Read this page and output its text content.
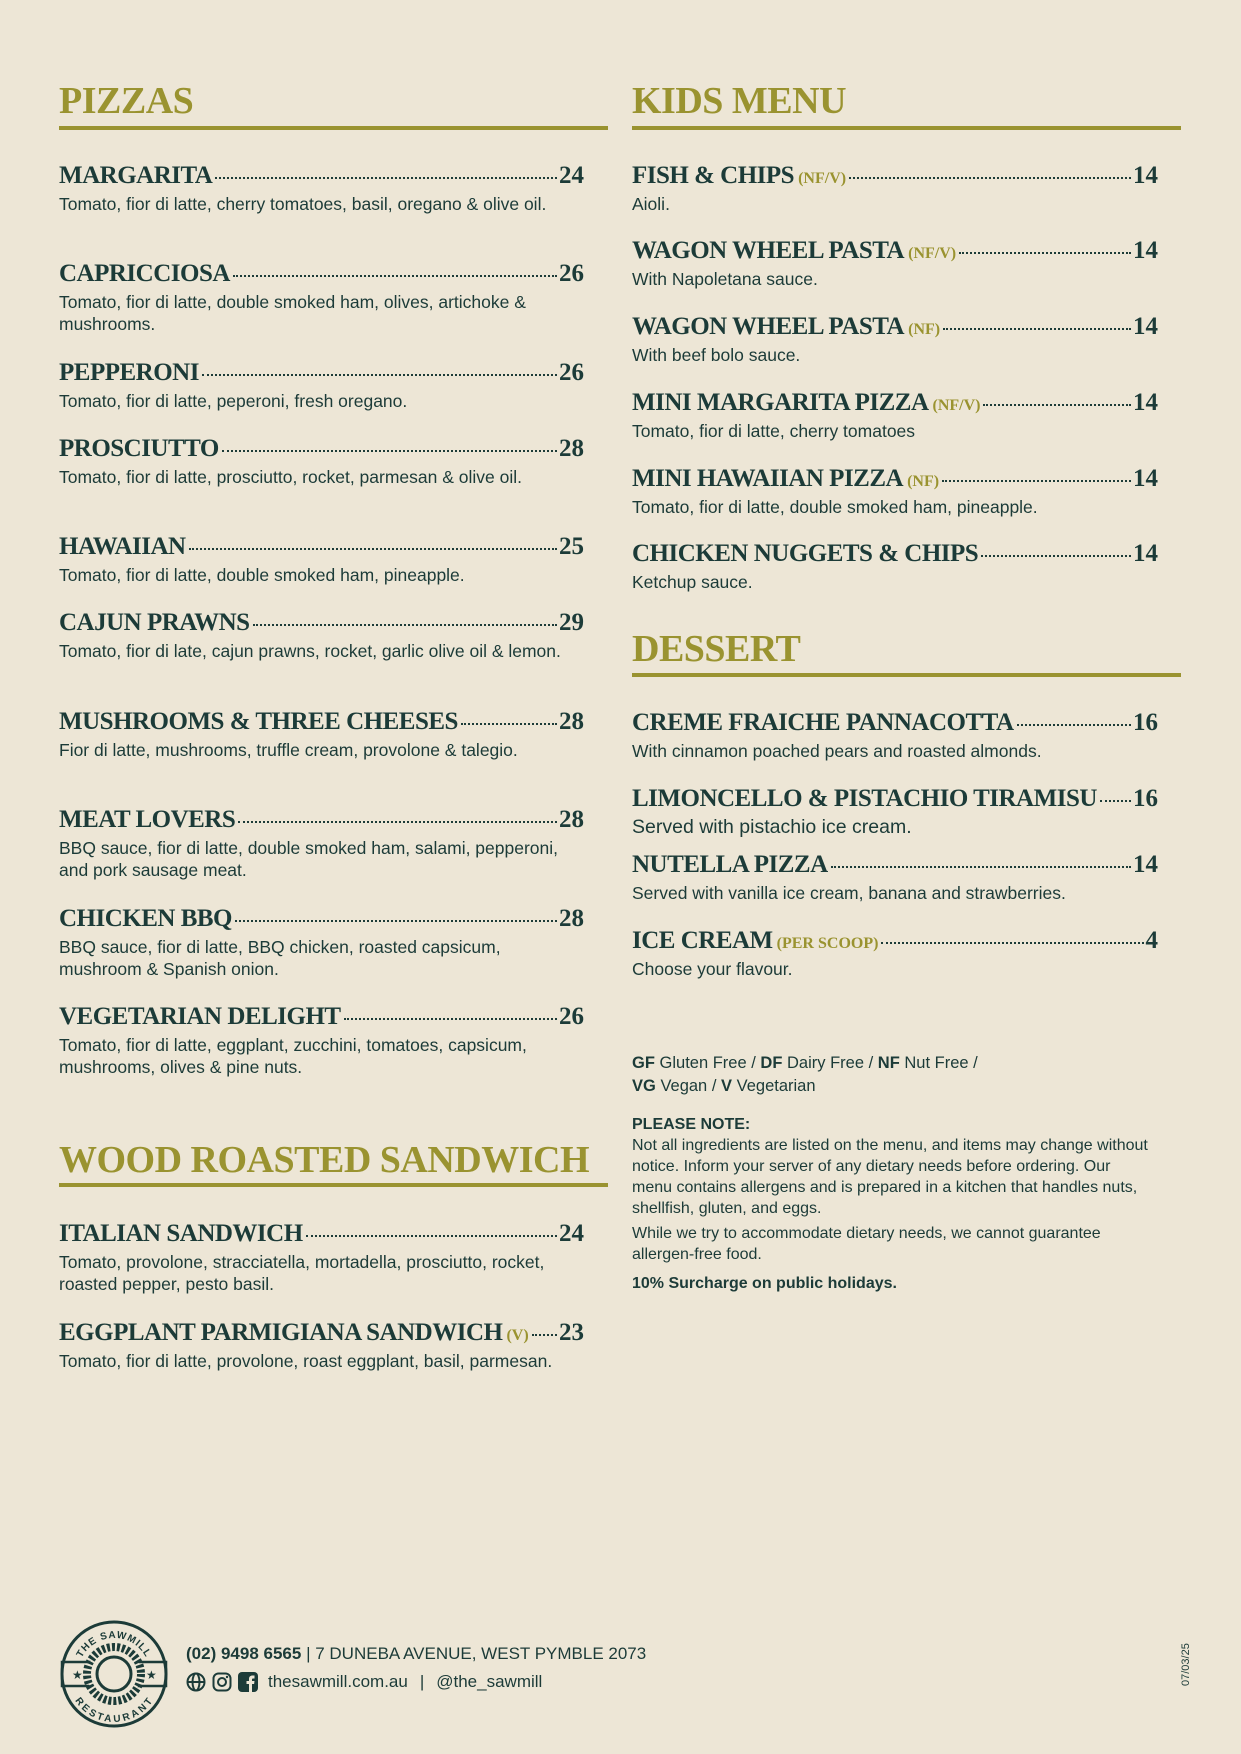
PIZZAS
WOOD ROASTED SANDWICH
KIDS MENU
DESSERT
MARGARITA	24
Tomato, fior di latte, cherry tomatoes, basil, oregano & olive oil.
CAPRICCIOSA	26
Tomato, fior di latte, double smoked ham, olives, artichoke & mushrooms.
PEPPERONI	26
Tomato, fior di latte, peperoni, fresh oregano.
PROSCIUTTO	28
Tomato, fior di latte, prosciutto, rocket, parmesan & olive oil.
HAWAIIAN	25
Tomato, fior di latte, double smoked ham, pineapple.
CAJUN PRAWNS	29
Tomato, fior di late, cajun prawns, rocket, garlic olive oil & lemon.
MUSHROOMS & THREE CHEESES	28
Fior di latte, mushrooms, truffle cream, provolone & talegio.
MEAT LOVERS	28
BBQ sauce, fior di latte, double smoked ham, salami, pepperoni, and pork sausage meat.
CHICKEN BBQ	28
BBQ sauce, fior di latte, BBQ chicken, roasted capsicum, mushroom & Spanish onion.
VEGETARIAN DELIGHT	26
Tomato, fior di latte, eggplant, zucchini, tomatoes, capsicum, mushrooms, olives & pine nuts.
ITALIAN SANDWICH	24
Tomato, provolone, stracciatella, mortadella, prosciutto, rocket, roasted pepper, pesto basil.
EGGPLANT PARMIGIANA SANDWICH (V) 23
Tomato, fior di latte, provolone, roast eggplant, basil, parmesan.
FISH & CHIPS (NF/V)	14
Aioli.
WAGON WHEEL PASTA (NF/V)	14
With Napoletana sauce.
WAGON WHEEL PASTA (NF)	14
With beef bolo sauce.
MINI MARGARITA PIZZA (NF/V)	14
Tomato, fior di latte, cherry tomatoes
MINI HAWAIIAN PIZZA (NF)	14
Tomato, fior di latte, double smoked ham, pineapple.
CHICKEN NUGGETS & CHIPS	14
Ketchup sauce.
CREME FRAICHE PANNACOTTA	16
With cinnamon poached pears and roasted almonds.
LIMONCELLO & PISTACHIO TIRAMISU 16
Served with pistachio ice cream.
NUTELLA PIZZA	14
Served with vanilla ice cream, banana and strawberries.
ICE CREAM (PER SCOOP)	4
Choose your flavour.
GF Gluten Free / DF Dairy Free / NF Nut Free /
VG Vegan / V Vegetarian
PLEASE NOTE:

Not all ingredients are listed on the menu, and items may change without notice. Inform your server of any dietary needs before ordering. Our menu contains allergens and is prepared in a kitchen that handles nuts, shellfish, gluten, and eggs.

While we try to accommodate dietary needs, we cannot guarantee allergen-free food.

10% Surcharge on public holidays.

★	★
THE SAWMILL
RESTAURANT
(02) 9498 6565 | 7 DUNEBA AVENUE, WEST PYMBLE 2073
thesawmill.com.au | @the_sawmill	07/03/25
